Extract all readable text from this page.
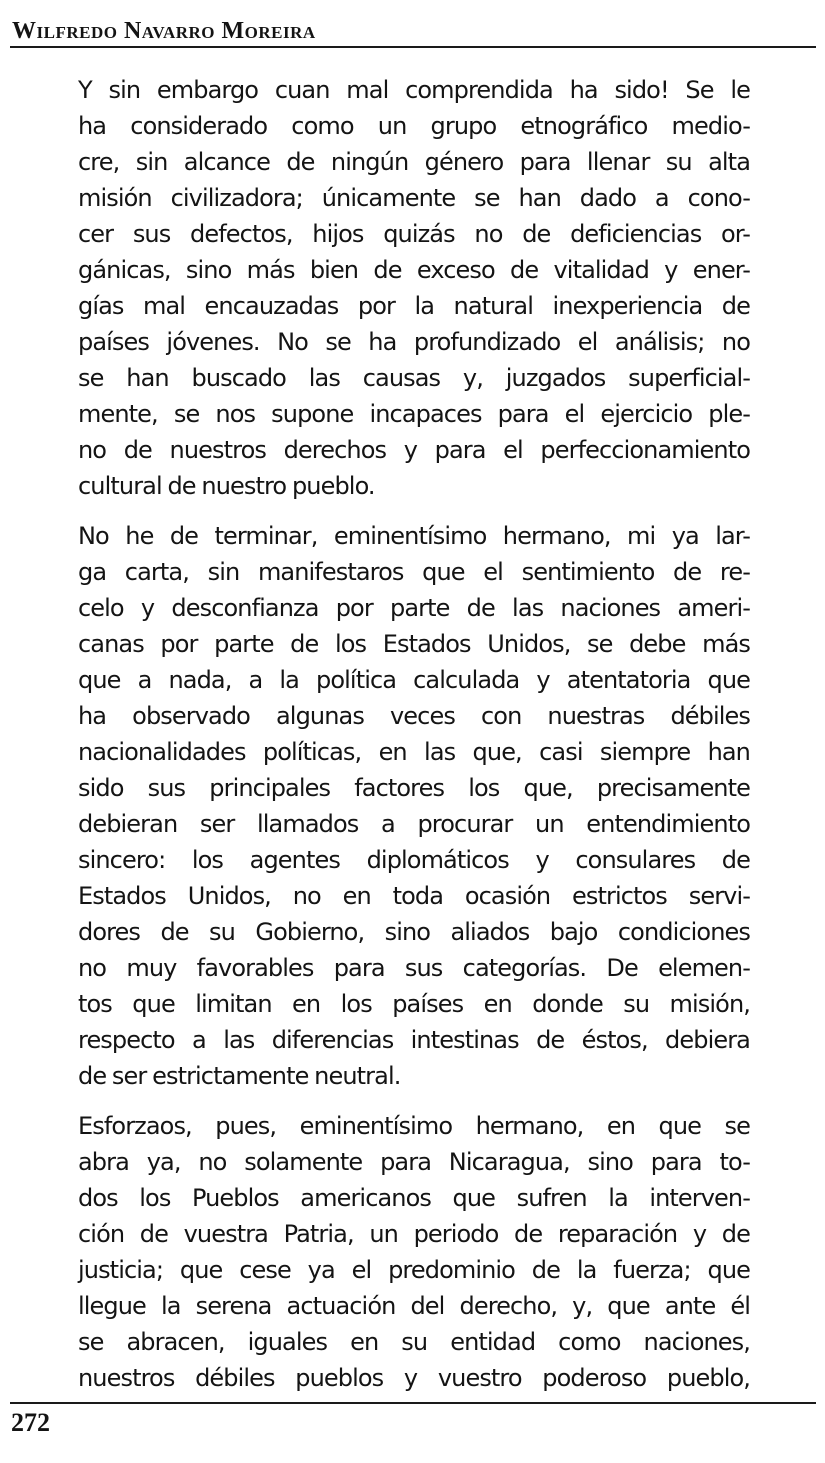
Wilfredo Navarro Moreira
Y sin embargo cuan mal comprendida ha sido! Se le
ha considerado como un grupo etnográfico medio-
cre, sin alcance de ningún género para llenar su alta
misión civilizadora; únicamente se han dado a cono-
cer sus defectos, hijos quizás no de deficiencias or-
gánicas, sino más bien de exceso de vitalidad y ener-
gías mal encauzadas por la natural inexperiencia de
países jóvenes. No se ha profundizado el análisis; no
se han buscado las causas y, juzgados superficial-
mente, se nos supone incapaces para el ejercicio ple-
no de nuestros derechos y para el perfeccionamiento
cultural de nuestro pueblo.
No he de terminar, eminentísimo hermano, mi ya lar-
ga carta, sin manifestaros que el sentimiento de re-
celo y desconfianza por parte de las naciones ameri-
canas por parte de los Estados Unidos, se debe más
que a nada, a la política calculada y atentatoria que
ha observado algunas veces con nuestras débiles
nacionalidades políticas, en las que, casi siempre han
sido sus principales factores los que, precisamente
debieran ser llamados a procurar un entendimiento
sincero: los agentes diplomáticos y consulares de
Estados Unidos, no en toda ocasión estrictos servi-
dores de su Gobierno, sino aliados bajo condiciones
no muy favorables para sus categorías. De elemen-
tos que limitan en los países en donde su misión,
respecto a las diferencias intestinas de éstos, debiera
de ser estrictamente neutral.
Esforzaos, pues, eminentísimo hermano, en que se
abra ya, no solamente para Nicaragua, sino para to-
dos los Pueblos americanos que sufren la interven-
ción de vuestra Patria, un periodo de reparación y de
justicia; que cese ya el predominio de la fuerza; que
llegue la serena actuación del derecho, y, que ante él
se abracen, iguales en su entidad como naciones,
nuestros débiles pueblos y vuestro poderoso pueblo,
272
